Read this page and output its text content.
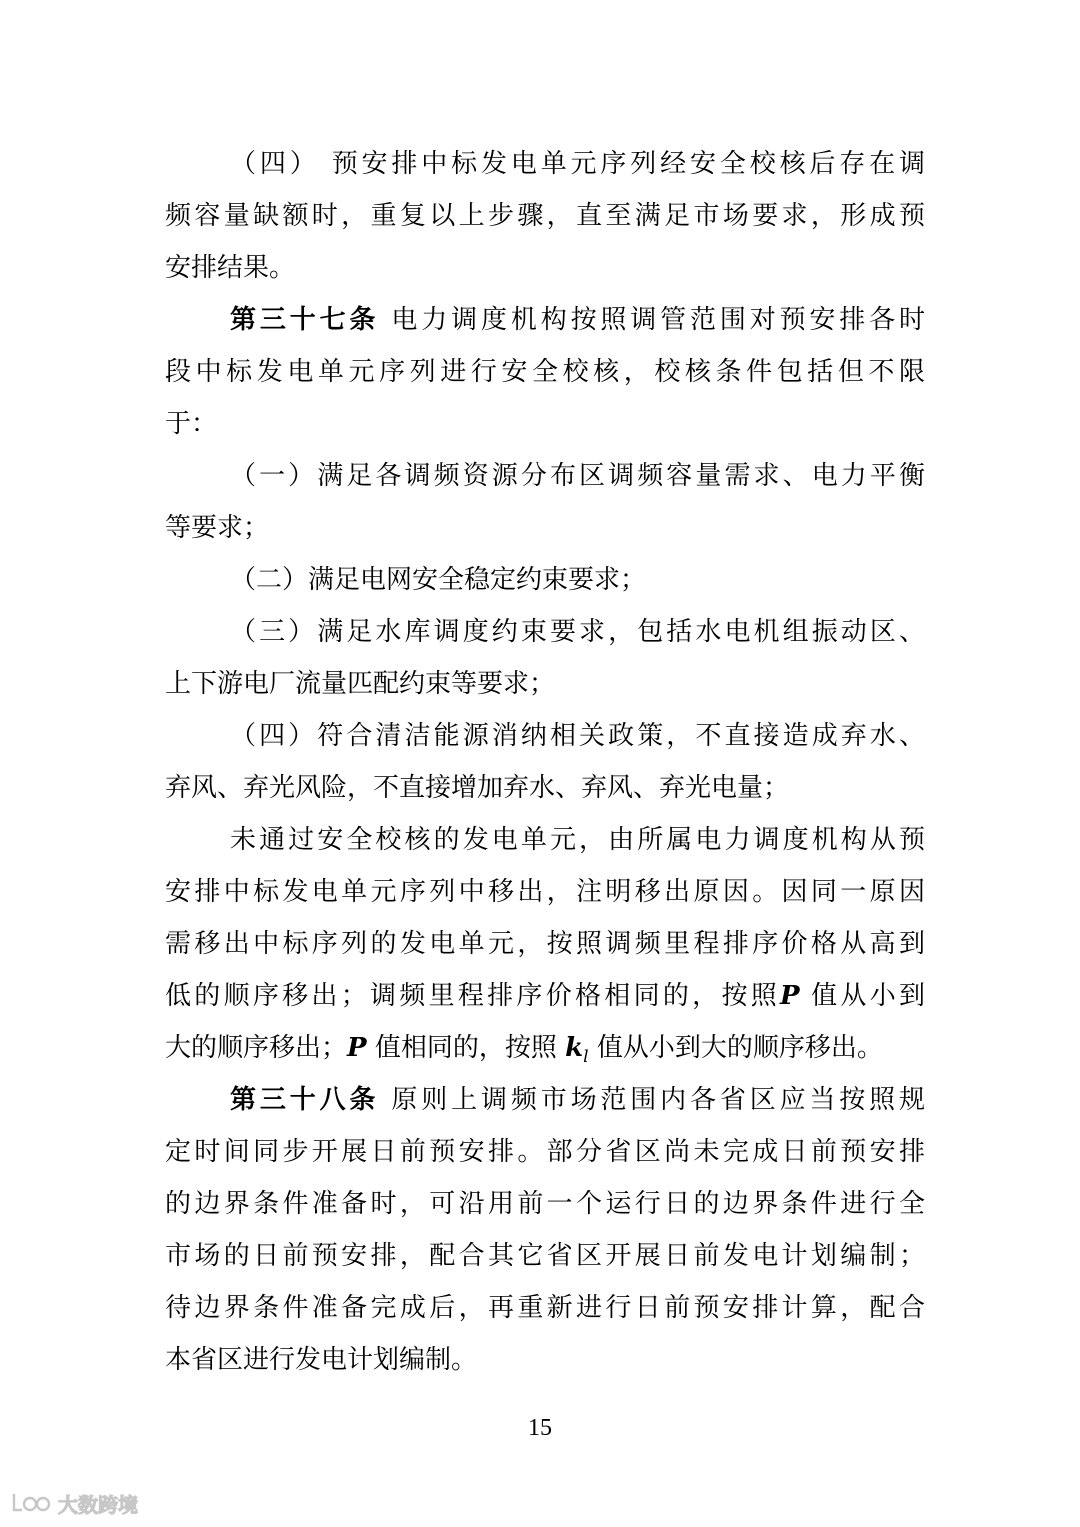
（四） 预安排中标发电单元序列经安全校核后存在调
频容量缺额时，重复以上步骤，直至满足市场要求，形成预
安排结果。
第三十七条 电力调度机构按照调管范围对预安排各时
段中标发电单元序列进行安全校核，校核条件包括但不限
于：
（一）满足各调频资源分布区调频容量需求、电力平衡
等要求；
（二）满足电网安全稳定约束要求；
（三）满足水库调度约束要求，包括水电机组振动区、
上下游电厂流量匹配约束等要求；
（四）符合清洁能源消纳相关政策，不直接造成弃水、
弃风、弃光风险，不直接增加弃水、弃风、弃光电量；
未通过安全校核的发电单元，由所属电力调度机构从预
安排中标发电单元序列中移出，注明移出原因。因同一原因
需移出中标序列的发电单元，按照调频里程排序价格从高到
低的顺序移出；调频里程排序价格相同的，按照P 值从小到
大的顺序移出；P 值相同的，按照 $k_l$ 值从小到大的顺序移出。
第三十八条 原则上调频市场范围内各省区应当按照规
定时间同步开展日前预安排。部分省区尚未完成日前预安排
的边界条件准备时，可沿用前一个运行日的边界条件进行全
市场的日前预安排，配合其它省区开展日前发电计划编制；
待边界条件准备完成后，再重新进行日前预安排计算，配合
本省区进行发电计划编制。
15
大数跨境
